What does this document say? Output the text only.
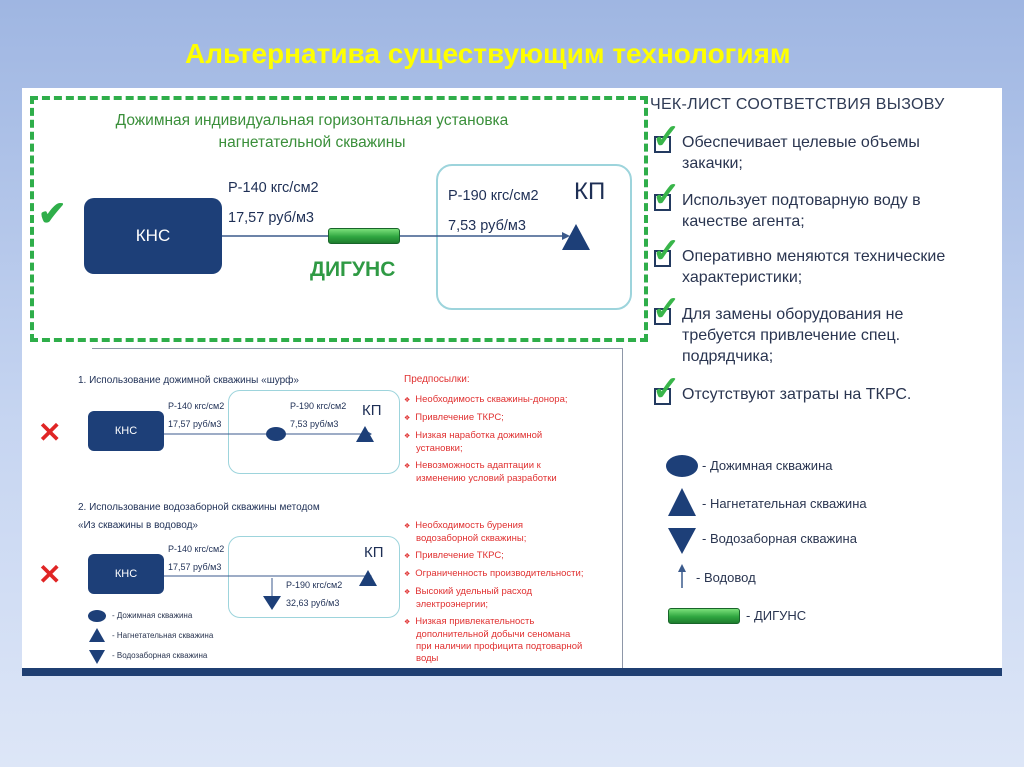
Альтернатива существующим технологиям
Дожимная индивидуальная горизонтальная установка
нагнетательной скважины
✔
КНС
Р-140 кгс/см2
17,57 руб/м3
Р-190 кгс/см2
7,53 руб/м3
КП
ДИГУНС
ЧЕК-ЛИСТ СООТВЕТСТВИЯ ВЫЗОВУ
✓ Обеспечивает целевые объемы
закачки;
✓ Использует подтоварную воду в
качестве агента;
✓ Оперативно меняются технические
характеристики;
✓ Для замены оборудования не
требуется привлечение спец.
подрядчика;
✓ Отсутствуют затраты на ТКРС.
1. Использование дожимной скважины «шурф»
✕	КНС
Р-140 кгс/см2
17,57 руб/м3
Р-190 кгс/см2
7,53 руб/м3
КП
2. Использование водозаборной скважины методом
«Из скважины в водовод»
✕	КНС
Р-140 кгс/см2
17,57 руб/м3
Р-190 кгс/см2
32,63 руб/м3
КП
- Дожимная скважина
- Нагнетательная скважина
- Водозаборная скважина
Предпосылки:
❖ Необходимость скважины-донора;
❖ Привлечение ТКРС;
❖ Низкая наработка дожимной
установки;
❖ Невозможность адаптации к
изменению условий разработки
❖ Необходимость бурения
водозаборной скважины;
❖ Привлечение ТКРС;
❖ Ограниченность производительности;
❖ Высокий удельный расход
электроэнергии;
❖ Низкая привлекательность
дополнительной добычи сеномана
при наличии профицита подтоварной
воды
- Дожимная скважина
- Нагнетательная скважина
- Водозаборная скважина
- Водовод
- ДИГУНС
